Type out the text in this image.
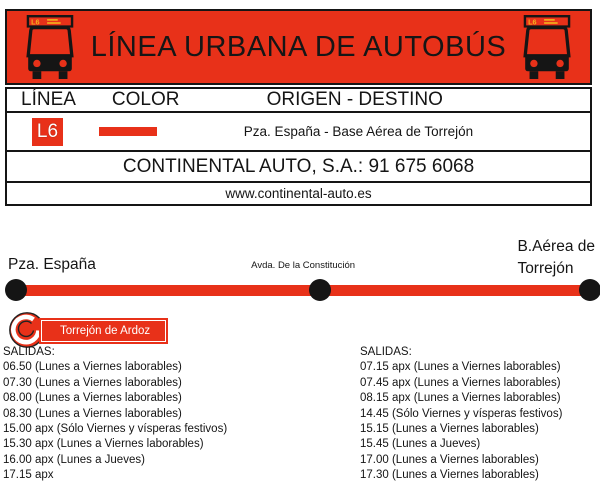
LÍNEA URBANA DE AUTOBÚS
LÍNEA COLOR	ORIGEN - DESTINO
L6	Pza. España - Base Aérea de Torrejón
CONTINENTAL AUTO, S.A.: 91 675 6068
www.continental-auto.es
Pza. España	Avda. De la Constitución
B.Aérea de
Torrejón
Torrejón de Ardoz
SALIDAS:
06.50 (Lunes a Viernes laborables)
07.30 (Lunes a Viernes laborables)
08.00 (Lunes a Viernes laborables)
08.30 (Lunes a Viernes laborables)
15.00 apx (Sólo Viernes y vísperas festivos)
15.30 apx (Lunes a Viernes laborables)
16.00 apx (Lunes a Jueves)
17.15 apx
SALIDAS:
07.15 apx (Lunes a Viernes laborables)
07.45 apx (Lunes a Viernes laborables)
08.15 apx (Lunes a Viernes laborables)
14.45 (Sólo Viernes y vísperas festivos)
15.15 (Lunes a Viernes laborables)
15.45 (Lunes a Jueves)
17.00 (Lunes a Viernes laborables)
17.30 (Lunes a Viernes laborables)
